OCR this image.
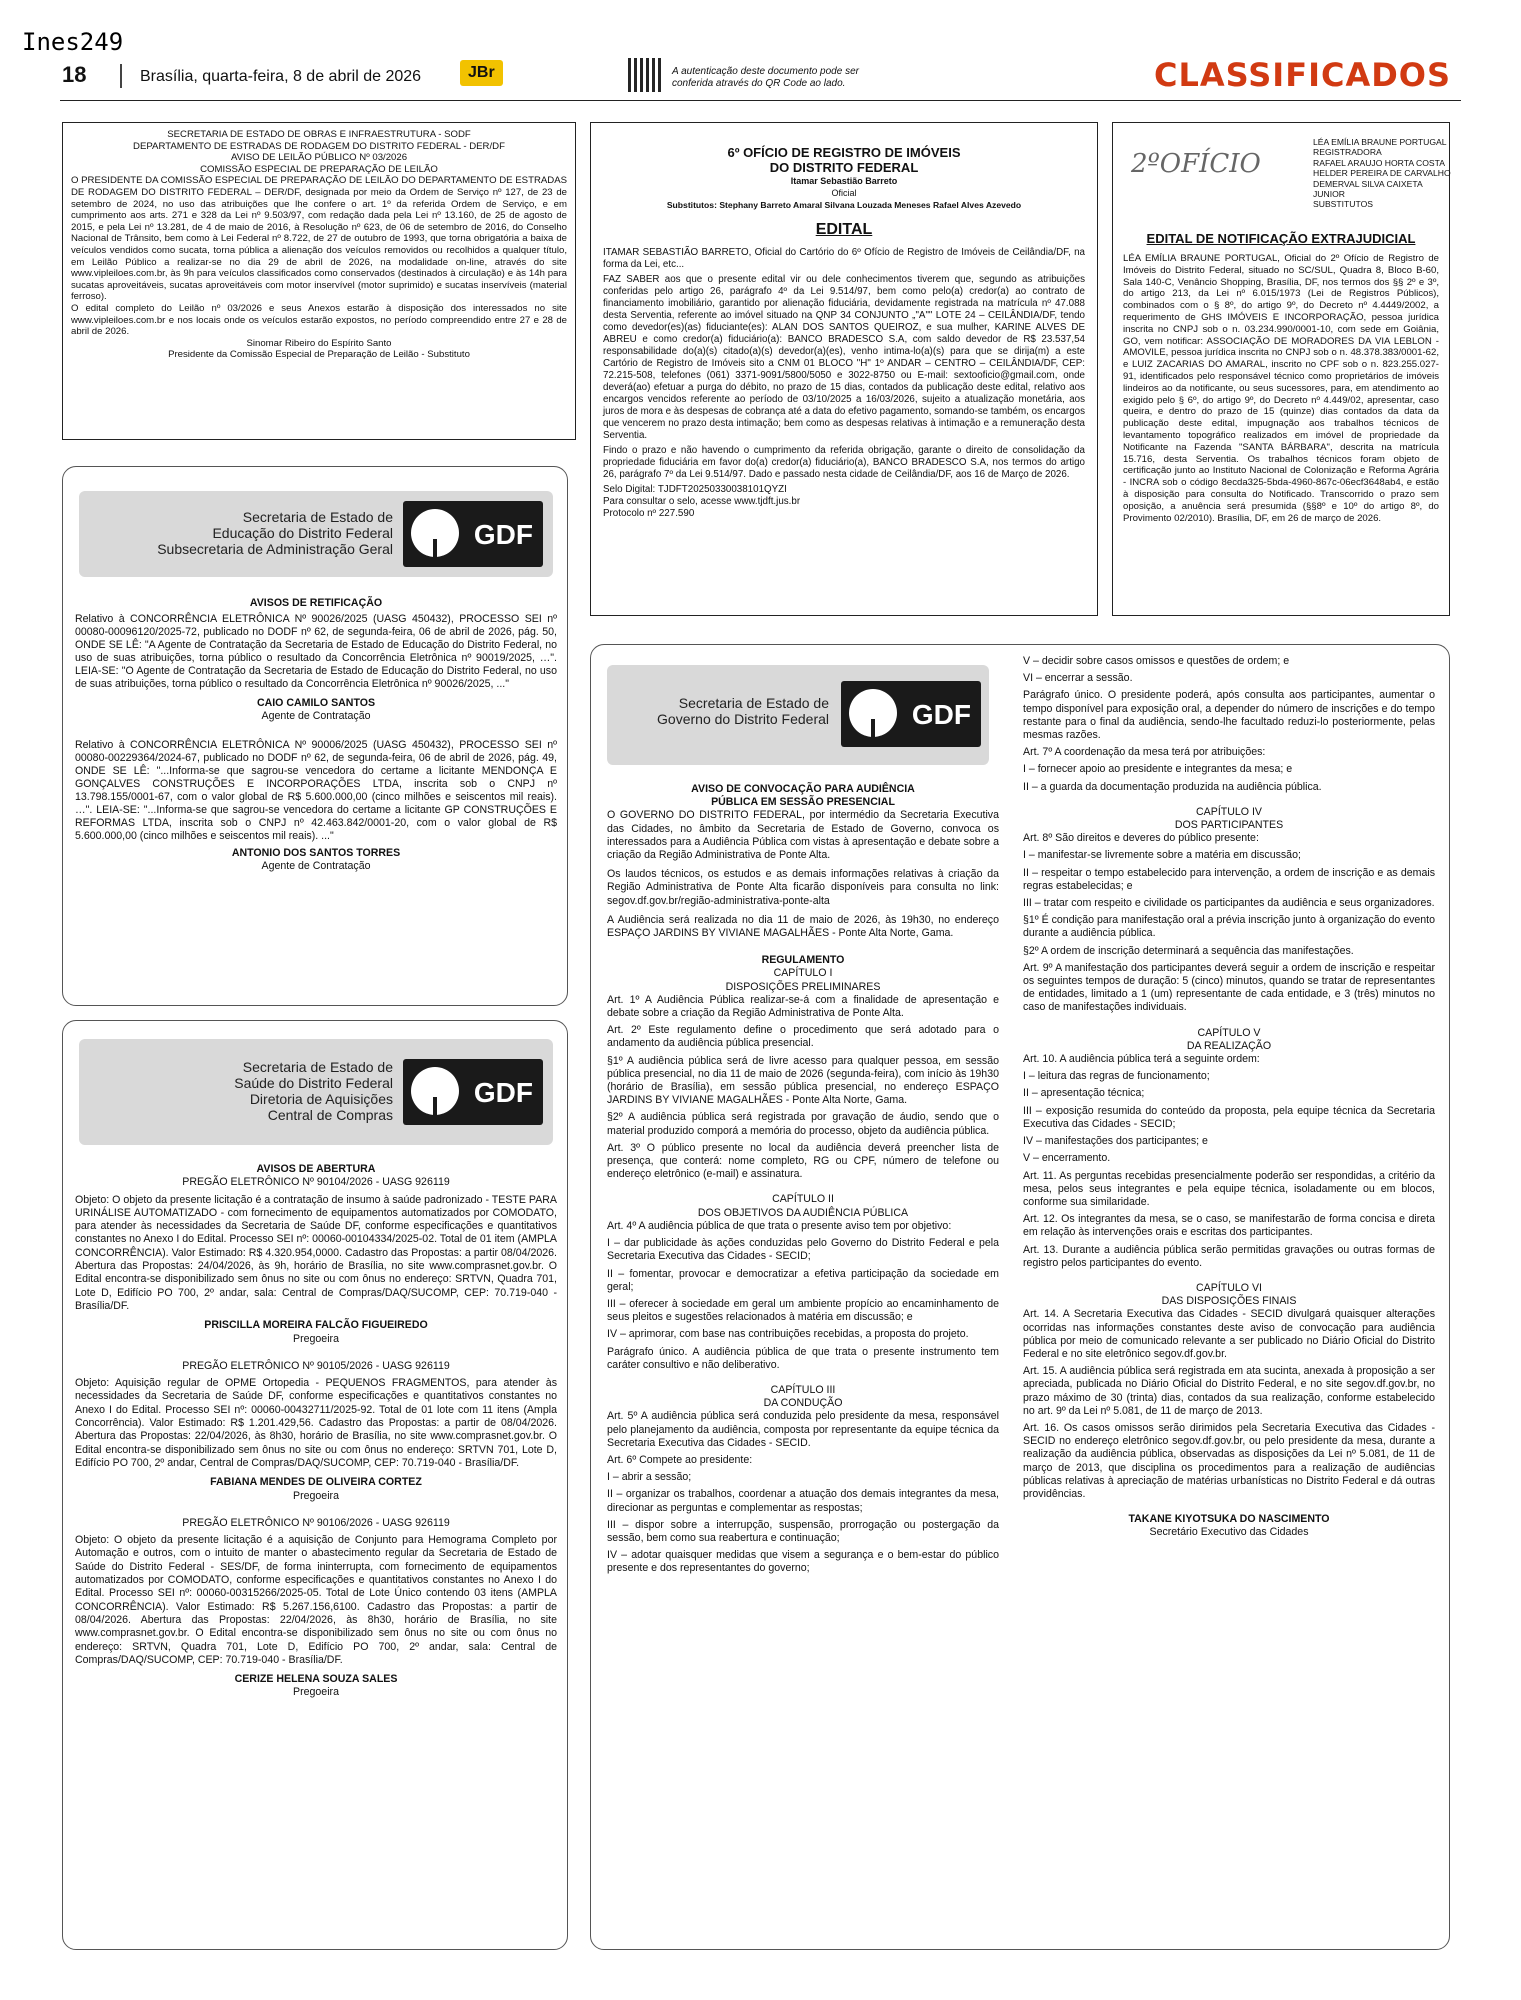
Ines249
18	Brasília, quarta-feira, 8 de abril de 2026	JBr	A autenticação deste documento pode ser conferida através do QR Code ao lado.	CLASSIFICADOS
SECRETARIA DE ESTADO DE OBRAS E INFRAESTRUTURA - SODF
DEPARTAMENTO DE ESTRADAS DE RODAGEM DO DISTRITO FEDERAL - DER/DF
AVISO DE LEILÃO PÚBLICO Nº 03/2026
COMISSÃO ESPECIAL DE PREPARAÇÃO DE LEILÃO
O PRESIDENTE DA COMISSÃO ESPECIAL DE PREPARAÇÃO DE LEILÃO DO DEPARTAMENTO DE ESTRADAS DE RODAGEM DO DISTRITO FEDERAL – DER/DF, designada por meio da Ordem de Serviço nº 127, de 23 de setembro de 2024, no uso das atribuições que lhe confere o art. 1º da referida Ordem de Serviço, e em cumprimento aos arts. 271 e 328 da Lei nº 9.503/97, com redação dada pela Lei nº 13.160, de 25 de agosto de 2015, e pela Lei nº 13.281, de 4 de maio de 2016, à Resolução nº 623, de 06 de setembro de 2016, do Conselho Nacional de Trânsito, bem como à Lei Federal nº 8.722, de 27 de outubro de 1993, que torna obrigatória a baixa de veículos vendidos como sucata, torna pública a alienação dos veículos removidos ou recolhidos a qualquer título, em Leilão Público a realizar-se no dia 29 de abril de 2026, na modalidade on-line, através do site www.vipleiloes.com.br, às 9h para veículos classificados como conservados (destinados à circulação) e às 14h para sucatas aproveitáveis, sucatas aproveitáveis com motor inservível (motor suprimido) e sucatas inservíveis (material ferroso).
O edital completo do Leilão nº 03/2026 e seus Anexos estarão à disposição dos interessados no site www.vipleiloes.com.br e nos locais onde os veículos estarão expostos, no período compreendido entre 27 e 28 de abril de 2026.
Sinomar Ribeiro do Espírito Santo
Presidente da Comissão Especial de Preparação de Leilão - Substituto
6º OFÍCIO DE REGISTRO DE IMÓVEIS
DO DISTRITO FEDERAL
Itamar Sebastião Barreto
Oficial
Substitutos: Stephany Barreto Amaral Silvana Louzada Meneses Rafael Alves Azevedo
EDITAL
ITAMAR SEBASTIÃO BARRETO, Oficial do Cartório do 6º Ofício de Registro de Imóveis de Ceilândia/DF, na forma da Lei, etc...
FAZ SABER aos que o presente edital vir ou dele conhecimentos tiverem que, segundo as atribuições conferidas pelo artigo 26, parágrafo 4º da Lei 9.514/97, bem como pelo(a) credor(a) ao contrato de financiamento imobiliário, garantido por alienação fiduciária, devidamente registrada na matrícula nº 47.088 desta Serventia, referente ao imóvel situado na QNP 34 CONJUNTO „"A"" LOTE 24 – CEILÂNDIA/DF, tendo como devedor(es)(as) fiduciante(es): ALAN DOS SANTOS QUEIROZ, e sua mulher, KARINE ALVES DE ABREU e como credor(a) fiduciário(a): BANCO BRADESCO S.A, com saldo devedor de R$ 23.537,54 responsabilidade do(a)(s) citado(a)(s) devedor(a)(es), venho intima-lo(a)(s) para que se dirija(m) a este Cartório de Registro de Imóveis sito a CNM 01 BLOCO "H" 1º ANDAR – CENTRO – CEILÂNDIA/DF, CEP: 72.215-508, telefones (061) 3371-9091/5800/5050 e 3022-8750 ou E-mail: sextooficio@gmail.com, onde deverá(ao) efetuar a purga do débito, no prazo de 15 dias, contados da publicação deste edital, relativo aos encargos vencidos referente ao período de 03/10/2025 a 16/03/2026, sujeito a atualização monetária, aos juros de mora e às despesas de cobrança até a data do efetivo pagamento, somando-se também, os encargos que vencerem no prazo desta intimação; bem como as despesas relativas à intimação e a remuneração desta Serventia.
Findo o prazo e não havendo o cumprimento da referida obrigação, garante o direito de consolidação da propriedade fiduciária em favor do(a) credor(a) fiduciário(a), BANCO BRADESCO S.A, nos termos do artigo 26, parágrafo 7º da Lei 9.514/97. Dado e passado nesta cidade de Ceilândia/DF, aos 16 de Março de 2026.
Selo Digital: TJDFT20250330038101QYZI
Para consultar o selo, acesse www.tjdft.jus.br
Protocolo nº 227.590
2ºOFÍCIO
LÉA EMÍLIA BRAUNE PORTUGAL
REGISTRADORA
RAFAEL ARAUJO HORTA COSTA
HELDER PEREIRA DE CARVALHO
DEMERVAL SILVA CAIXETA JUNIOR
SUBSTITUTOS
EDITAL DE NOTIFICAÇÃO EXTRAJUDICIAL
LÉA EMÍLIA BRAUNE PORTUGAL, Oficial do 2º Ofício de Registro de Imóveis do Distrito Federal, situado no SC/SUL, Quadra 8, Bloco B-60, Sala 140-C, Venâncio Shopping, Brasília, DF, nos termos dos §§ 2º e 3º, do artigo 213, da Lei nº 6.015/1973 (Lei de Registros Públicos), combinados com o § 8º, do artigo 9º, do Decreto nº 4.4449/2002, a requerimento de GHS IMÓVEIS E INCORPORAÇÃO, pessoa jurídica inscrita no CNPJ sob o n. 03.234.990/0001-10, com sede em Goiânia, GO, vem notificar: ASSOCIAÇÃO DE MORADORES DA VIA LEBLON - AMOVILE, pessoa jurídica inscrita no CNPJ sob o n. 48.378.383/0001-62, e LUIZ ZACARIAS DO AMARAL, inscrito no CPF sob o n. 823.255.027-91, identificados pelo responsável técnico como proprietários de imóveis lindeiros ao da notificante, ou seus sucessores, para, em atendimento ao exigido pelo § 6º, do artigo 9º, do Decreto nº 4.449/02, apresentar, caso queira, e dentro do prazo de 15 (quinze) dias contados da data da publicação deste edital, impugnação aos trabalhos técnicos de levantamento topográfico realizados em imóvel de propriedade da Notificante na Fazenda "SANTA BÁRBARA", descrita na matrícula 15.716, desta Serventia. Os trabalhos técnicos foram objeto de certificação junto ao Instituto Nacional de Colonização e Reforma Agrária - INCRA sob o código 8ecda325-5bda-4960-867c-06ecf3648ab4, e estão à disposição para consulta do Notificado. Transcorrido o prazo sem oposição, a anuência será presumida (§§8º e 10º do artigo 8º, do Provimento 02/2010). Brasília, DF, em 26 de março de 2026.
Secretaria de Estado de
Educação do Distrito Federal
Subsecretaria de Administração Geral	GDF
AVISOS DE RETIFICAÇÃO
Relativo à CONCORRÊNCIA ELETRÔNICA Nº 90026/2025 (UASG 450432), PROCESSO SEI nº 00080-00096120/2025-72, publicado no DODF nº 62, de segunda-feira, 06 de abril de 2026, pág. 50, ONDE SE LÊ: "A Agente de Contratação da Secretaria de Estado de Educação do Distrito Federal, no uso de suas atribuições, torna público o resultado da Concorrência Eletrônica nº 90019/2025, …". LEIA-SE: "O Agente de Contratação da Secretaria de Estado de Educação do Distrito Federal, no uso de suas atribuições, torna público o resultado da Concorrência Eletrônica nº 90026/2025, ..."
CAIO CAMILO SANTOS
Agente de Contratação
Relativo à CONCORRÊNCIA ELETRÔNICA Nº 90006/2025 (UASG 450432), PROCESSO SEI nº 00080-00229364/2024-67, publicado no DODF nº 62, de segunda-feira, 06 de abril de 2026, pág. 49, ONDE SE LÊ: "...Informa-se que sagrou-se vencedora do certame a licitante MENDONÇA E GONÇALVES CONSTRUÇÕES E INCORPORAÇÕES LTDA, inscrita sob o CNPJ nº 13.798.155/0001-67, com o valor global de R$ 5.600.000,00 (cinco milhões e seiscentos mil reais). …". LEIA-SE: "...Informa-se que sagrou-se vencedora do certame a licitante GP CONSTRUÇÕES E REFORMAS LTDA, inscrita sob o CNPJ nº 42.463.842/0001-20, com o valor global de R$ 5.600.000,00 (cinco milhões e seiscentos mil reais). ..."
ANTONIO DOS SANTOS TORRES
Agente de Contratação
Secretaria de Estado de
Saúde do Distrito Federal
Diretoria de Aquisições
Central de Compras
GDF
AVISOS DE ABERTURA
PREGÃO ELETRÔNICO Nº 90104/2026 - UASG 926119
Objeto: O objeto da presente licitação é a contratação de insumo à saúde padronizado - TESTE PARA URINÁLISE AUTOMATIZADO - com fornecimento de equipamentos automatizados por COMODATO, para atender às necessidades da Secretaria de Saúde DF, conforme especificações e quantitativos constantes no Anexo I do Edital. Processo SEI nº: 00060-00104334/2025-02. Total de 01 item (AMPLA CONCORRÊNCIA). Valor Estimado: R$ 4.320.954,0000. Cadastro das Propostas: a partir 08/04/2026. Abertura das Propostas: 24/04/2026, às 9h, horário de Brasília, no site www.comprasnet.gov.br. O Edital encontra-se disponibilizado sem ônus no site ou com ônus no endereço: SRTVN, Quadra 701, Lote D, Edifício PO 700, 2º andar, sala: Central de Compras/DAQ/SUCOMP, CEP: 70.719-040 - Brasília/DF.
PRISCILLA MOREIRA FALCÃO FIGUEIREDO
Pregoeira
PREGÃO ELETRÔNICO Nº 90105/2026 - UASG 926119
Objeto: Aquisição regular de OPME Ortopedia - PEQUENOS FRAGMENTOS, para atender às necessidades da Secretaria de Saúde DF, conforme especificações e quantitativos constantes no Anexo I do Edital. Processo SEI nº: 00060-00432711/2025-92. Total de 01 lote com 11 itens (Ampla Concorrência). Valor Estimado: R$ 1.201.429,56. Cadastro das Propostas: a partir de 08/04/2026. Abertura das Propostas: 22/04/2026, às 8h30, horário de Brasília, no site www.comprasnet.gov.br. O Edital encontra-se disponibilizado sem ônus no site ou com ônus no endereço: SRTVN 701, Lote D, Edifício PO 700, 2º andar, Central de Compras/DAQ/SUCOMP, CEP: 70.719-040 - Brasília/DF.
FABIANA MENDES DE OLIVEIRA CORTEZ
Pregoeira
PREGÃO ELETRÔNICO Nº 90106/2026 - UASG 926119
Objeto: O objeto da presente licitação é a aquisição de Conjunto para Hemograma Completo por Automação e outros, com o intuito de manter o abastecimento regular da Secretaria de Estado de Saúde do Distrito Federal - SES/DF, de forma ininterrupta, com fornecimento de equipamentos automatizados por COMODATO, conforme especificações e quantitativos constantes no Anexo I do Edital. Processo SEI nº: 00060-00315266/2025-05. Total de Lote Único contendo 03 itens (AMPLA CONCORRÊNCIA). Valor Estimado: R$ 5.267.156,6100. Cadastro das Propostas: a partir de 08/04/2026. Abertura das Propostas: 22/04/2026, às 8h30, horário de Brasília, no site www.comprasnet.gov.br. O Edital encontra-se disponibilizado sem ônus no site ou com ônus no endereço: SRTVN, Quadra 701, Lote D, Edifício PO 700, 2º andar, sala: Central de Compras/DAQ/SUCOMP, CEP: 70.719-040 - Brasília/DF.
CERIZE HELENA SOUZA SALES
Pregoeira
Secretaria de Estado de
Governo do Distrito Federal	GDF
AVISO DE CONVOCAÇÃO PARA AUDIÊNCIA
PÚBLICA EM SESSÃO PRESENCIAL
O GOVERNO DO DISTRITO FEDERAL, por intermédio da Secretaria Executiva das Cidades, no âmbito da Secretaria de Estado de Governo, convoca os interessados para a Audiência Pública com vistas à apresentação e debate sobre a criação da Região Administrativa de Ponte Alta.
Os laudos técnicos, os estudos e as demais informações relativas à criação da Região Administrativa de Ponte Alta ficarão disponíveis para consulta no link: segov.df.gov.br/região-administrativa-ponte-alta
A Audiência será realizada no dia 11 de maio de 2026, às 19h30, no endereço ESPAÇO JARDINS BY VIVIANE MAGALHÃES - Ponte Alta Norte, Gama.
REGULAMENTO
CAPÍTULO I
DISPOSIÇÕES PRELIMINARES
Art. 1º A Audiência Pública realizar-se-á com a finalidade de apresentação e debate sobre a criação da Região Administrativa de Ponte Alta.
Art. 2º Este regulamento define o procedimento que será adotado para o andamento da audiência pública presencial.
§1º A audiência pública será de livre acesso para qualquer pessoa, em sessão pública presencial, no dia 11 de maio de 2026 (segunda-feira), com início às 19h30 (horário de Brasília), em sessão pública presencial, no endereço ESPAÇO JARDINS BY VIVIANE MAGALHÃES - Ponte Alta Norte, Gama.
§2º A audiência pública será registrada por gravação de áudio, sendo que o material produzido comporá a memória do processo, objeto da audiência pública.
Art. 3º O público presente no local da audiência deverá preencher lista de presença, que conterá: nome completo, RG ou CPF, número de telefone ou endereço eletrônico (e-mail) e assinatura.
CAPÍTULO II
DOS OBJETIVOS DA AUDIÊNCIA PÚBLICA
Art. 4º A audiência pública de que trata o presente aviso tem por objetivo:
I – dar publicidade às ações conduzidas pelo Governo do Distrito Federal e pela Secretaria Executiva das Cidades - SECID;
II – fomentar, provocar e democratizar a efetiva participação da sociedade em geral;
III – oferecer à sociedade em geral um ambiente propício ao encaminhamento de seus pleitos e sugestões relacionados à matéria em discussão; e
IV – aprimorar, com base nas contribuições recebidas, a proposta do projeto.
Parágrafo único. A audiência pública de que trata o presente instrumento tem caráter consultivo e não deliberativo.
CAPÍTULO III
DA CONDUÇÃO
Art. 5º A audiência pública será conduzida pelo presidente da mesa, responsável pelo planejamento da audiência, composta por representante da equipe técnica da Secretaria Executiva das Cidades - SECID.
Art. 6º Compete ao presidente:
I – abrir a sessão;
II – organizar os trabalhos, coordenar a atuação dos demais integrantes da mesa, direcionar as perguntas e complementar as respostas;
III – dispor sobre a interrupção, suspensão, prorrogação ou postergação da sessão, bem como sua reabertura e continuação;
IV – adotar quaisquer medidas que visem a segurança e o bem-estar do público presente e dos representantes do governo;
V – decidir sobre casos omissos e questões de ordem; e
VI – encerrar a sessão.
Parágrafo único. O presidente poderá, após consulta aos participantes, aumentar o tempo disponível para exposição oral, a depender do número de inscrições e do tempo restante para o final da audiência, sendo-lhe facultado reduzi-lo posteriormente, pelas mesmas razões.
Art. 7º A coordenação da mesa terá por atribuições:
I – fornecer apoio ao presidente e integrantes da mesa; e
II – a guarda da documentação produzida na audiência pública.
CAPÍTULO IV
DOS PARTICIPANTES
Art. 8º São direitos e deveres do público presente:
I – manifestar-se livremente sobre a matéria em discussão;
II – respeitar o tempo estabelecido para intervenção, a ordem de inscrição e as demais regras estabelecidas; e
III – tratar com respeito e civilidade os participantes da audiência e seus organizadores.
§1º É condição para manifestação oral a prévia inscrição junto à organização do evento durante a audiência pública.
§2º A ordem de inscrição determinará a sequência das manifestações.
Art. 9º A manifestação dos participantes deverá seguir a ordem de inscrição e respeitar os seguintes tempos de duração: 5 (cinco) minutos, quando se tratar de representantes de entidades, limitado a 1 (um) representante de cada entidade, e 3 (três) minutos no caso de manifestações individuais.
CAPÍTULO V
DA REALIZAÇÃO
Art. 10. A audiência pública terá a seguinte ordem:
I – leitura das regras de funcionamento;
II – apresentação técnica;
III – exposição resumida do conteúdo da proposta, pela equipe técnica da Secretaria Executiva das Cidades - SECID;
IV – manifestações dos participantes; e
V – encerramento.
Art. 11. As perguntas recebidas presencialmente poderão ser respondidas, a critério da mesa, pelos seus integrantes e pela equipe técnica, isoladamente ou em blocos, conforme sua similaridade.
Art. 12. Os integrantes da mesa, se o caso, se manifestarão de forma concisa e direta em relação às intervenções orais e escritas dos participantes.
Art. 13. Durante a audiência pública serão permitidas gravações ou outras formas de registro pelos participantes do evento.
CAPÍTULO VI
DAS DISPOSIÇÕES FINAIS
Art. 14. A Secretaria Executiva das Cidades - SECID divulgará quaisquer alterações ocorridas nas informações constantes deste aviso de convocação para audiência pública por meio de comunicado relevante a ser publicado no Diário Oficial do Distrito Federal e no site eletrônico segov.df.gov.br.
Art. 15. A audiência pública será registrada em ata sucinta, anexada à proposição a ser apreciada, publicada no Diário Oficial do Distrito Federal, e no site segov.df.gov.br, no prazo máximo de 30 (trinta) dias, contados da sua realização, conforme estabelecido no art. 9º da Lei nº 5.081, de 11 de março de 2013.
Art. 16. Os casos omissos serão dirimidos pela Secretaria Executiva das Cidades - SECID no endereço eletrônico segov.df.gov.br, ou pelo presidente da mesa, durante a realização da audiência pública, observadas as disposições da Lei nº 5.081, de 11 de março de 2013, que disciplina os procedimentos para a realização de audiências públicas relativas à apreciação de matérias urbanísticas no Distrito Federal e dá outras providências.
TAKANE KIYOTSUKA DO NASCIMENTO
Secretário Executivo das Cidades
